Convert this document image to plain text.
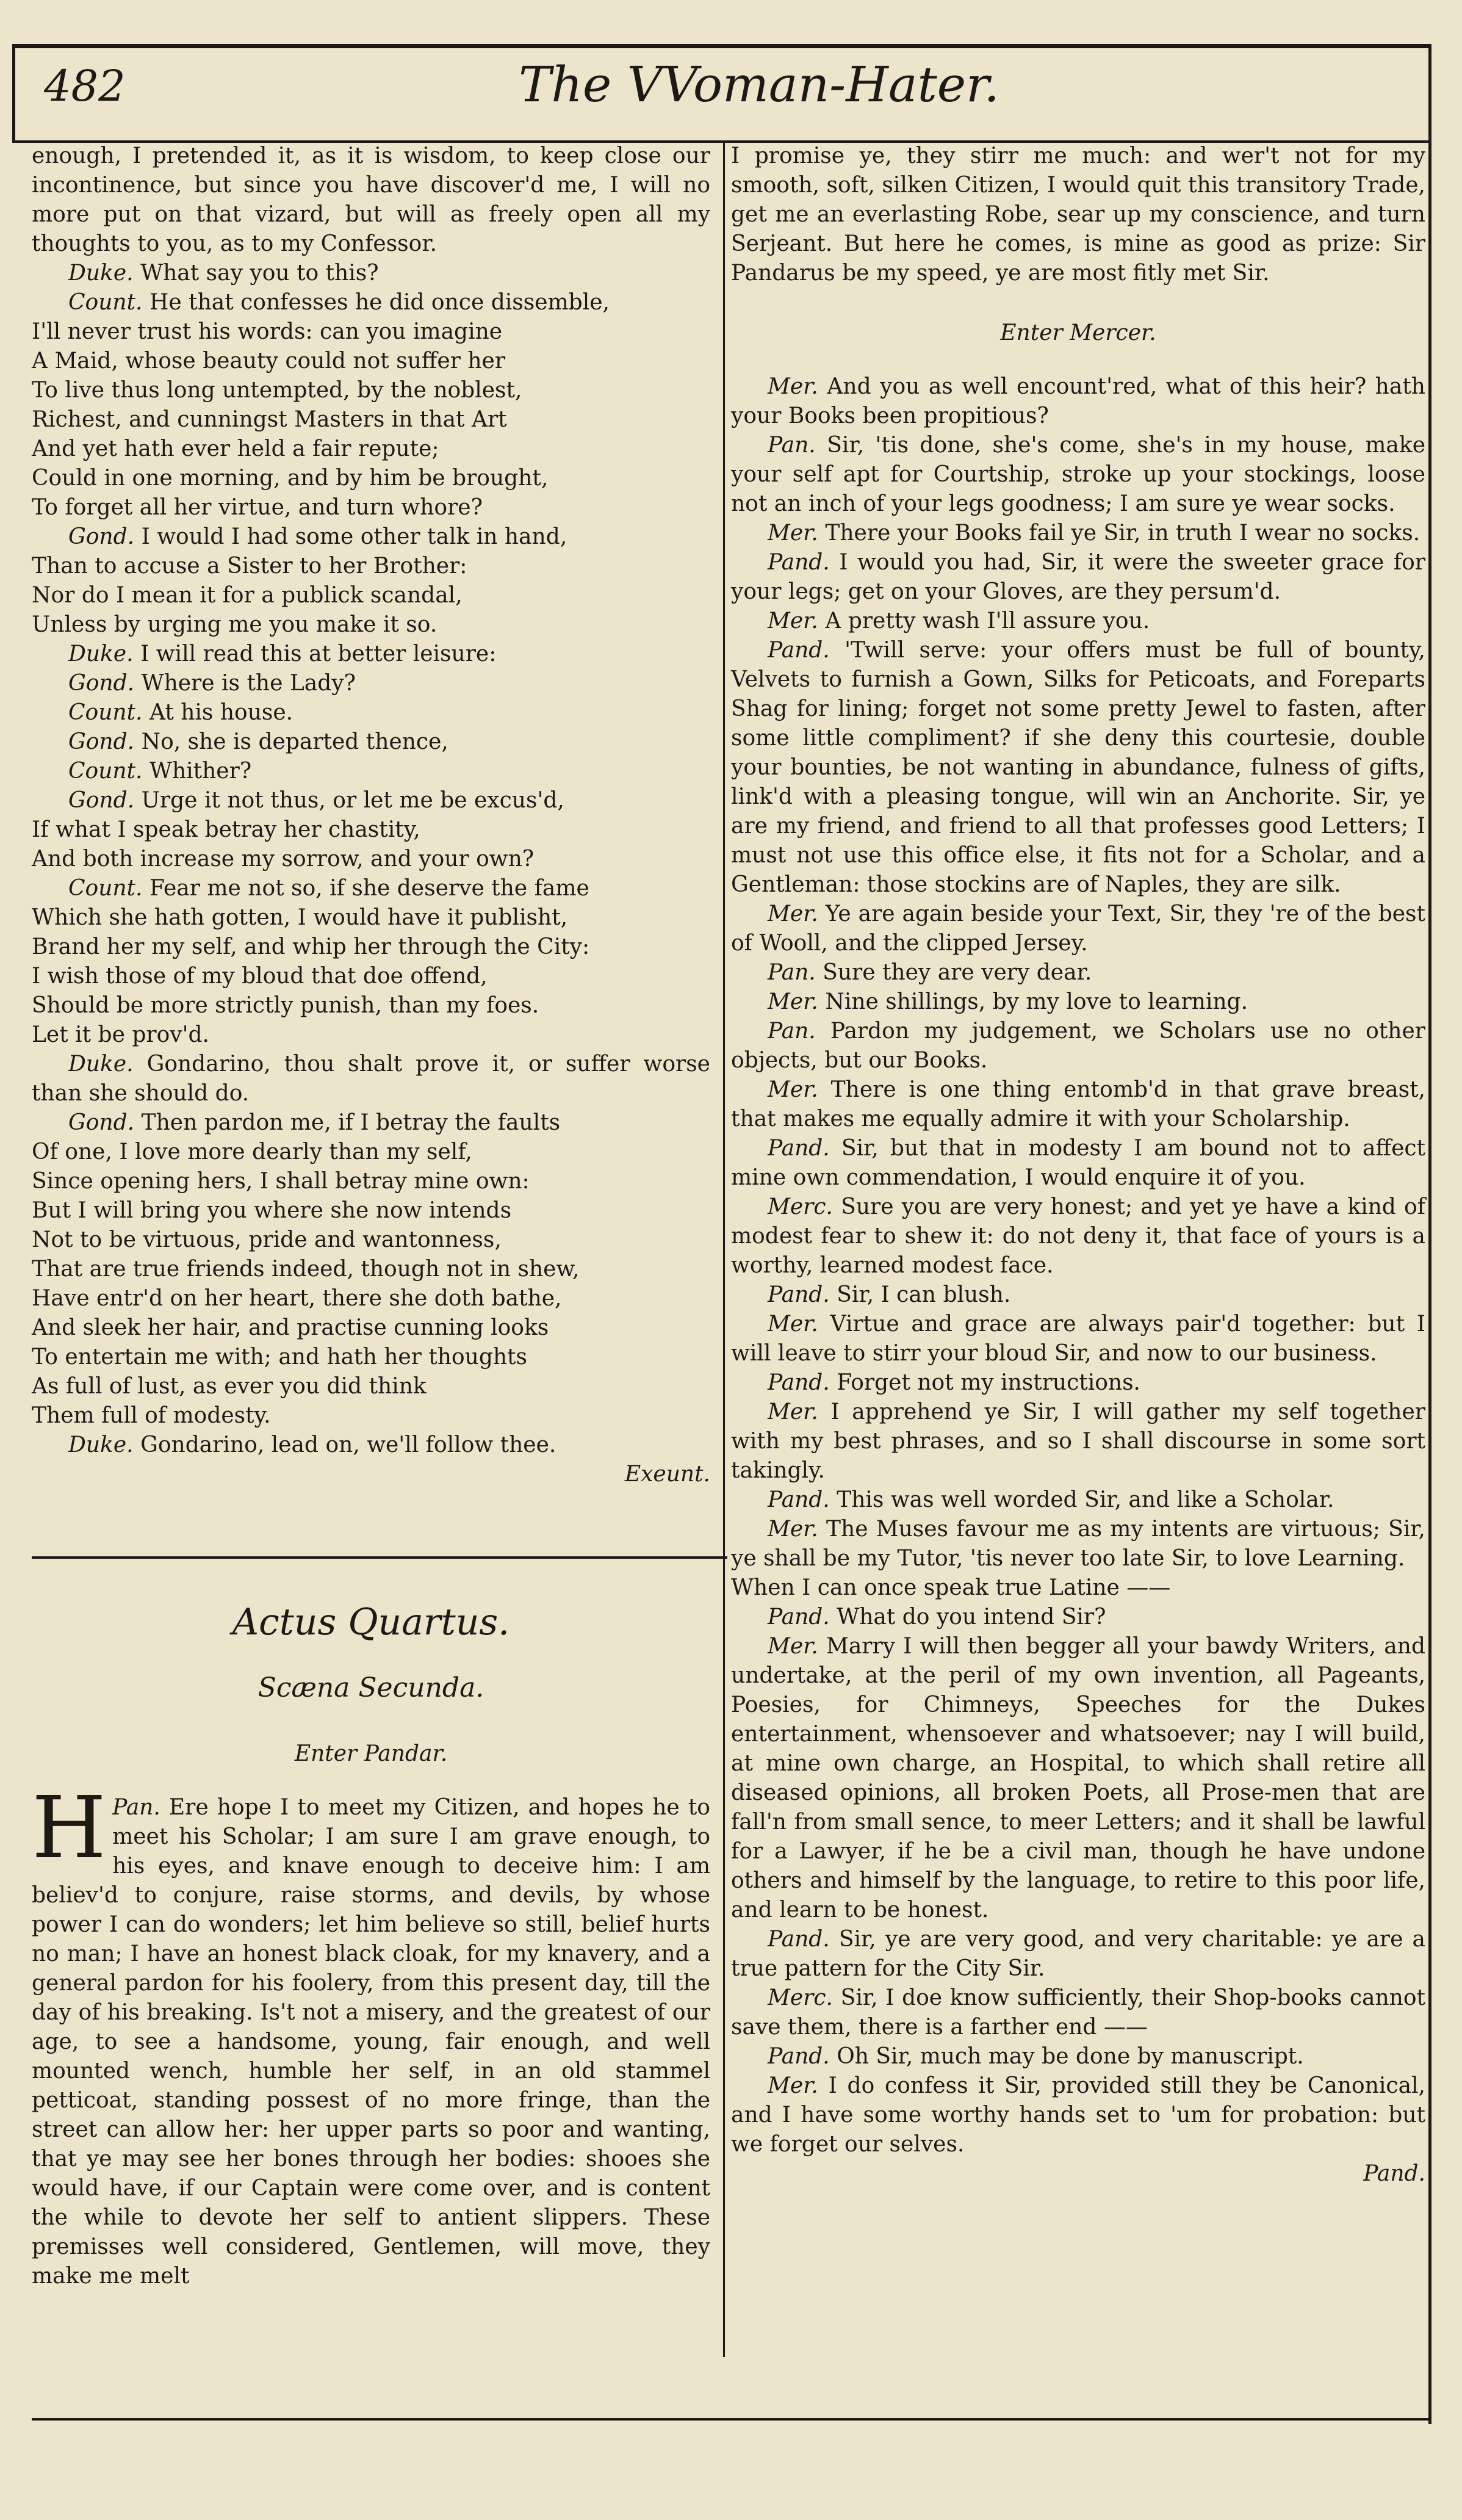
482	The VVoman-Hater.

enough, I pretended it, as it is wisdom, to keep close our incontinence, but since you have discover'd me, I will no more put on that vizard, but will as freely open all my thoughts to you, as to my Confessor.

Duke. What say you to this?

Count. He that confesses he did once dissemble,

I'll never trust his words: can you imagine

A Maid, whose beauty could not suffer her

To live thus long untempted, by the noblest,

Richest, and cunningst Masters in that Art

And yet hath ever held a fair repute;

Could in one morning, and by him be brought,

To forget all her virtue, and turn whore?

Gond. I would I had some other talk in hand,

Than to accuse a Sister to her Brother:

Nor do I mean it for a publick scandal,

Unless by urging me you make it so.

Duke. I will read this at better leisure:

Gond. Where is the Lady?

Count. At his house.

Gond. No, she is departed thence,

Count. Whither?

Gond. Urge it not thus, or let me be excus'd,

If what I speak betray her chastity,

And both increase my sorrow, and your own?

Count. Fear me not so, if she deserve the fame

Which she hath gotten, I would have it publisht,

Brand her my self, and whip her through the City:

I wish those of my bloud that doe offend,

Should be more strictly punish, than my foes.

Let it be prov'd.

Duke. Gondarino, thou shalt prove it, or suffer worse than she should do.

Gond. Then pardon me, if I betray the faults

Of one, I love more dearly than my self,

Since opening hers, I shall betray mine own:

But I will bring you where she now intends

Not to be virtuous, pride and wantonness,

That are true friends indeed, though not in shew,

Have entr'd on her heart, there she doth bathe,

And sleek her hair, and practise cunning looks

To entertain me with; and hath her thoughts

As full of lust, as ever you did think

Them full of modesty.

Duke. Gondarino, lead on, we'll follow thee.

Exeunt.

Actus Quartus.
Scæna Secunda.
Enter Pandar.

Pan.
H	Ere hope I to meet my Citizen, and hopes he to meet his Scholar; I am sure I am grave enough, to his eyes, and knave enough to deceive him: I am believ'd to conjure, raise storms, and devils, by whose power I can do wonders; let him believe so still, belief hurts no man; I have an honest black cloak, for my knavery, and a general pardon for his foolery, from this present day, till the day of his breaking. Is't not a misery, and the greatest of our age, to see a handsome, young, fair enough, and well mounted wench, humble her self, in an old stammel petticoat, standing possest of no more fringe, than the street can allow her: her upper parts so poor and wanting, that ye may see her bones through her bodies: shooes she would have, if our Captain were come over, and is content the while to devote her self to antient slippers. These premisses well considered, Gentlemen, will move, they make me melt

I promise ye, they stirr me much: and wer't not for my smooth, soft, silken Citizen, I would quit this transitory Trade, get me an everlasting Robe, sear up my conscience, and turn Serjeant. But here he comes, is mine as good as prize: Sir Pandarus be my speed, ye are most fitly met Sir.

Enter Mercer.

Mer. And you as well encount'red, what of this heir? hath your Books been propitious?

Pan. Sir, 'tis done, she's come, she's in my house, make your self apt for Courtship, stroke up your stockings, loose not an inch of your legs goodness; I am sure ye wear socks.

Mer. There your Books fail ye Sir, in truth I wear no socks.

Pand. I would you had, Sir, it were the sweeter grace for your legs; get on your Gloves, are they persum'd.

Mer. A pretty wash I'll assure you.

Pand. 'Twill serve: your offers must be full of bounty, Velvets to furnish a Gown, Silks for Peticoats, and Foreparts Shag for lining; forget not some pretty Jewel to fasten, after some little compliment? if she deny this courtesie, double your bounties, be not wanting in abundance, fulness of gifts, link'd with a pleasing tongue, will win an Anchorite. Sir, ye are my friend, and friend to all that professes good Letters; I must not use this office else, it fits not for a Scholar, and a Gentleman: those stockins are of Naples, they are silk.

Mer. Ye are again beside your Text, Sir, they 're of the best of Wooll, and the clipped Jersey.

Pan. Sure they are very dear.

Mer. Nine shillings, by my love to learning.

Pan. Pardon my judgement, we Scholars use no other objects, but our Books.

Mer. There is one thing entomb'd in that grave breast, that makes me equally admire it with your Scholarship.

Pand. Sir, but that in modesty I am bound not to affect mine own commendation, I would enquire it of you.

Merc. Sure you are very honest; and yet ye have a kind of modest fear to shew it: do not deny it, that face of yours is a worthy, learned modest face.

Pand. Sir, I can blush.

Mer. Virtue and grace are always pair'd together: but I will leave to stirr your bloud Sir, and now to our business.

Pand. Forget not my instructions.

Mer. I apprehend ye Sir, I will gather my self together with my best phrases, and so I shall discourse in some sort takingly.

Pand. This was well worded Sir, and like a Scholar.

Mer. The Muses favour me as my intents are virtuous; Sir, ye shall be my Tutor, 'tis never too late Sir, to love Learning.

When I can once speak true Latine ——

Pand. What do you intend Sir?

Mer. Marry I will then begger all your bawdy Writers, and undertake, at the peril of my own invention, all Pageants, Poesies, for Chimneys, Speeches for the Dukes entertainment, whensoever and whatsoever; nay I will build, at mine own charge, an Hospital, to which shall retire all diseased opinions, all broken Poets, all Prose-men that are fall'n from small sence, to meer Letters; and it shall be lawful for a Lawyer, if he be a civil man, though he have undone others and himself by the language, to retire to this poor life, and learn to be honest.

Pand. Sir, ye are very good, and very charitable: ye are a true pattern for the City Sir.

Merc. Sir, I doe know sufficiently, their Shop-books cannot save them, there is a farther end ——

Pand. Oh Sir, much may be done by manuscript.

Mer. I do confess it Sir, provided still they be Canonical, and I have some worthy hands set to 'um for probation: but we forget our selves.

Pand.
